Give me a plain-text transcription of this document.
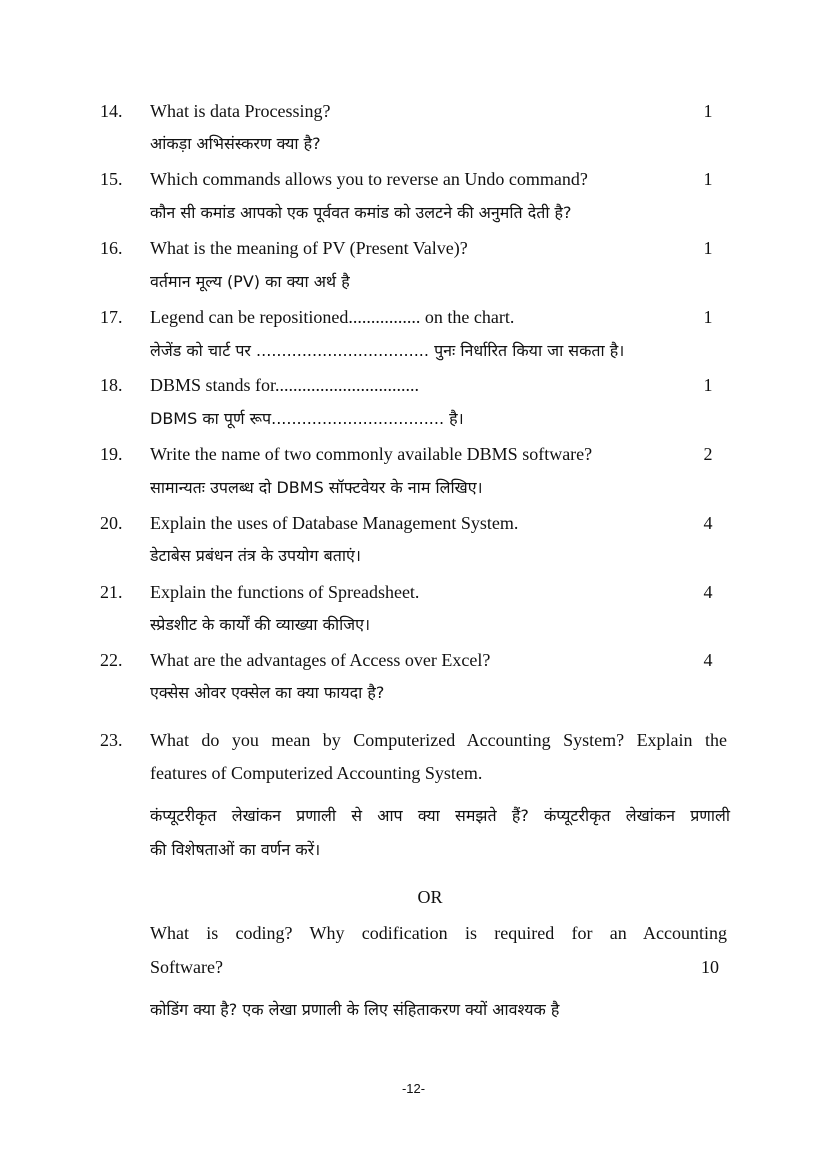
14. What is data Processing?	1
आंकड़ा अभिसंस्करण क्या है?
15. Which commands allows you to reverse an Undo command?	1
कौन सी कमांड आपको एक पूर्ववत कमांड को उलटने की अनुमति देती है?
16. What is the meaning of PV (Present Valve)?	1
वर्तमान मूल्य (PV) का क्या अर्थ है
17. Legend can be repositioned................ on the chart.	1
लेजेंड को चार्ट पर .................................. पुनः निर्धारित किया जा सकता है।
18. DBMS stands for................................	1
DBMS का पूर्ण रूप.................................. है।
19. Write the name of two commonly available DBMS software?	2
सामान्यतः उपलब्ध दो DBMS सॉफ्टवेयर के नाम लिखिए।
20. Explain the uses of Database Management System.	4
डेटाबेस प्रबंधन तंत्र के उपयोग बताएं।
21. Explain the functions of Spreadsheet.	4
स्प्रेडशीट के कार्यों की व्याख्या कीजिए।
22. What are the advantages of Access over Excel?	4
एक्सेस ओवर एक्सेल का क्या फायदा है?
23. What do you mean by Computerized Accounting System? Explain the
features of Computerized Accounting System.
कंप्यूटरीकृत लेखांकन प्रणाली से आप क्या समझते हैं? कंप्यूटरीकृत लेखांकन प्रणाली
की विशेषताओं का वर्णन करें।
OR
What is coding? Why codification is required for an Accounting
Software?	10
कोडिंग क्या है? एक लेखा प्रणाली के लिए संहिताकरण क्यों आवश्यक है
-12-
